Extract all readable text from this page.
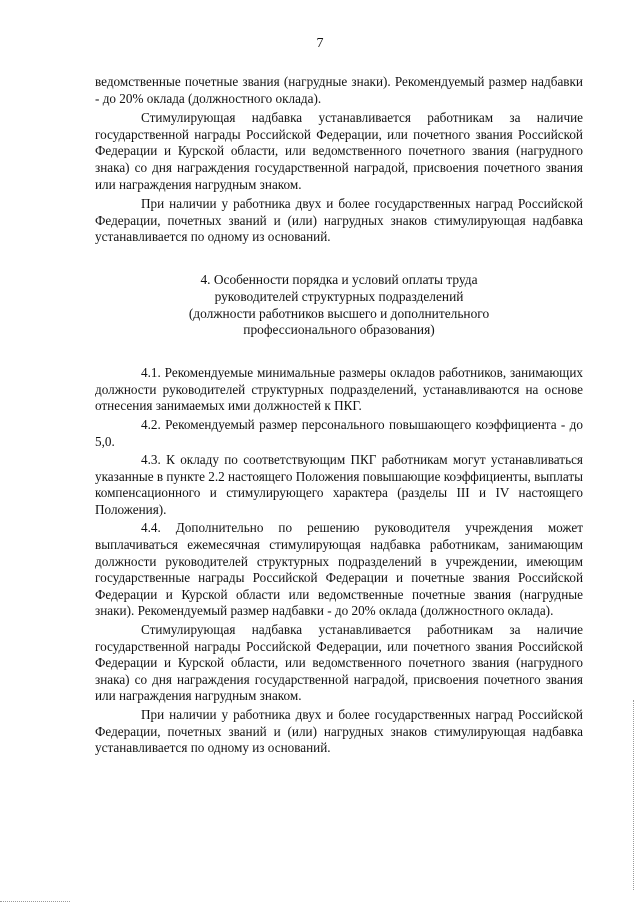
7

ведомственные почетные звания (нагрудные знаки). Рекомендуемый размер надбавки - до 20% оклада (должностного оклада).

Стимулирующая надбавка устанавливается работникам за наличие государственной награды Российской Федерации, или почетного звания Российской Федерации и Курской области, или ведомственного почетного звания (нагрудного знака) со дня награждения государственной наградой, присвоения почетного звания или награждения нагрудным знаком.

При наличии у работника двух и более государственных наград Российской Федерации, почетных званий и (или) нагрудных знаков стимулирующая надбавка устанавливается по одному из оснований.

4. Особенности порядка и условий оплаты труда
руководителей структурных подразделений
(должности работников высшего и дополнительного
профессионального образования)

4.1. Рекомендуемые минимальные размеры окладов работников, занимающих должности руководителей структурных подразделений, устанавливаются на основе отнесения занимаемых ими должностей к ПКГ.

4.2. Рекомендуемый размер персонального повышающего коэффициента - до 5,0.

4.3. К окладу по соответствующим ПКГ работникам могут устанавливаться указанные в пункте 2.2 настоящего Положения повышающие коэффициенты, выплаты компенсационного и стимулирующего характера (разделы III и IV настоящего Положения).

4.4. Дополнительно по решению руководителя учреждения может выплачиваться ежемесячная стимулирующая надбавка работникам, занимающим должности руководителей структурных подразделений в учреждении, имеющим государственные награды Российской Федерации и почетные звания Российской Федерации и Курской области или ведомственные почетные звания (нагрудные знаки). Рекомендуемый размер надбавки - до 20% оклада (должностного оклада).

Стимулирующая надбавка устанавливается работникам за наличие государственной награды Российской Федерации, или почетного звания Российской Федерации и Курской области, или ведомственного почетного звания (нагрудного знака) со дня награждения государственной наградой, присвоения почетного звания или награждения нагрудным знаком.

При наличии у работника двух и более государственных наград Российской Федерации, почетных званий и (или) нагрудных знаков стимулирующая надбавка устанавливается по одному из оснований.
